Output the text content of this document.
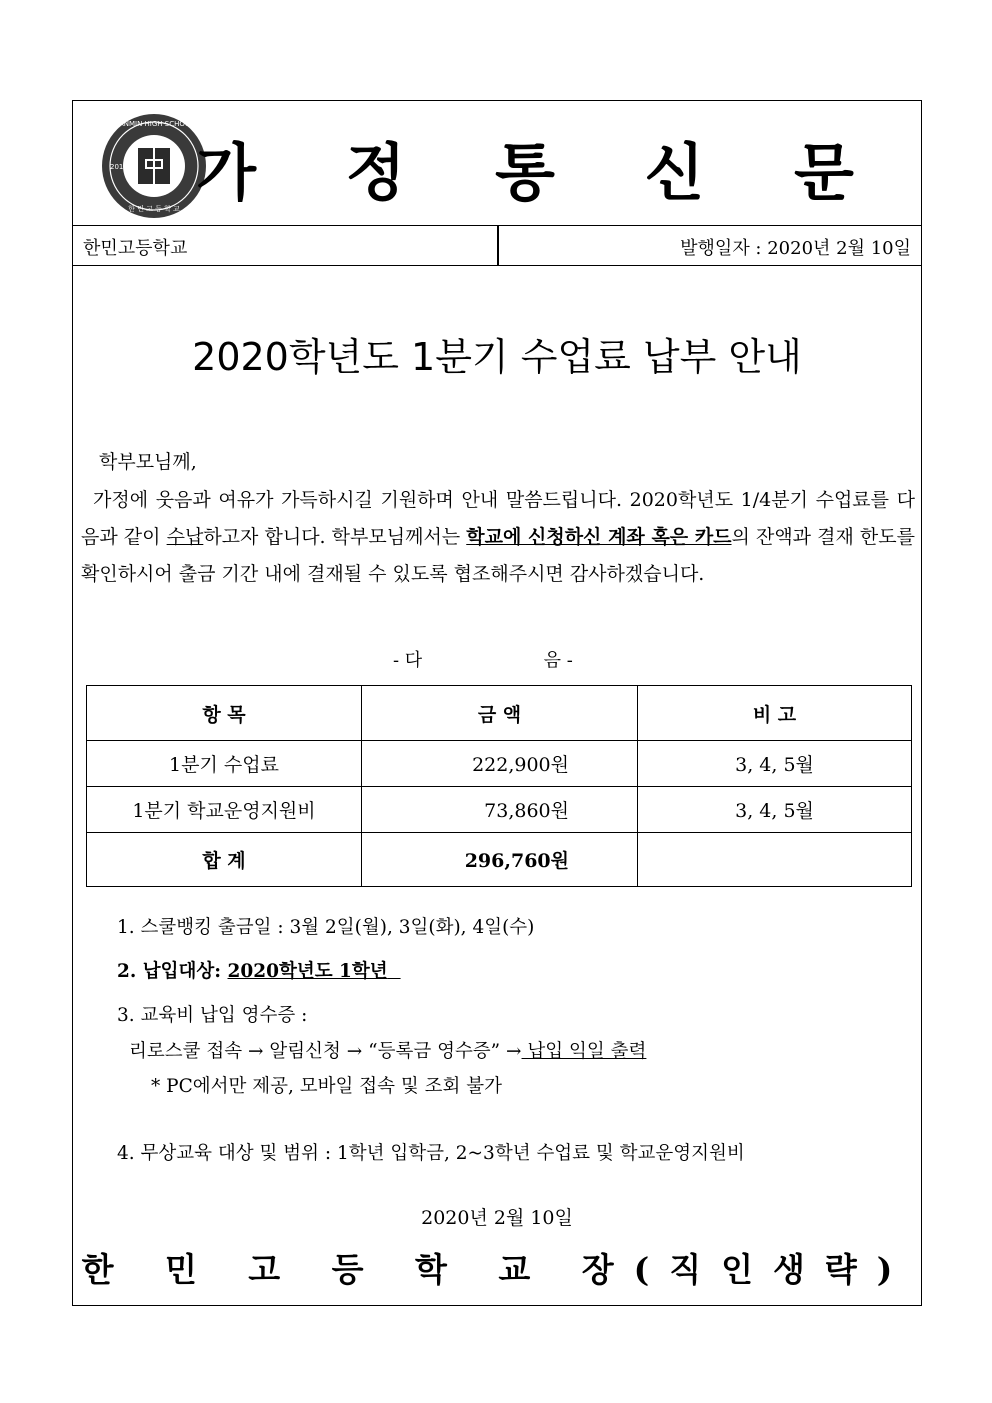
HANMIN HIGH SCHOOL
2012
한 민 고 등 학 교 가 정 통 신 문
한민고등학교	발행일자 : 2020년 2월 10일
2020학년도 1분기 수업료 납부 안내
학부모님께,
가정에 웃음과 여유가 가득하시길 기원하며 안내 말씀드립니다. 2020학년도 1/4분기 수업료를 다음과 같이 수납하고자 합니다. 학부모님께서는 학교에 신청하신 계좌 혹은 카드의 잔액과 결재 한도를 확인하시어 출금 기간 내에 결재될 수 있도록 협조해주시면 감사하겠습니다.
- 다	음 -
항 목	금 액	비 고
1분기 수업료	222,900원	3, 4, 5월
1분기 학교운영지원비	73,860원	3, 4, 5월
합 계	296,760원	
1. 스쿨뱅킹 출금일 : 3월 2일(월), 3일(화), 4일(수)
2. 납입대상: 2020학년도 1학년
3. 교육비 납입 영수증 :
리로스쿨 접속 → 알림신청 → “등록금 영수증” → 납입 익일 출력
* PC에서만 제공, 모바일 접속 및 조회 불가
4. 무상교육 대상 및 범위 : 1학년 입학금, 2~3학년 수업료 및 학교운영지원비
2020년 2월 10일
한 민 고 등 학 교 장(직인생략)
